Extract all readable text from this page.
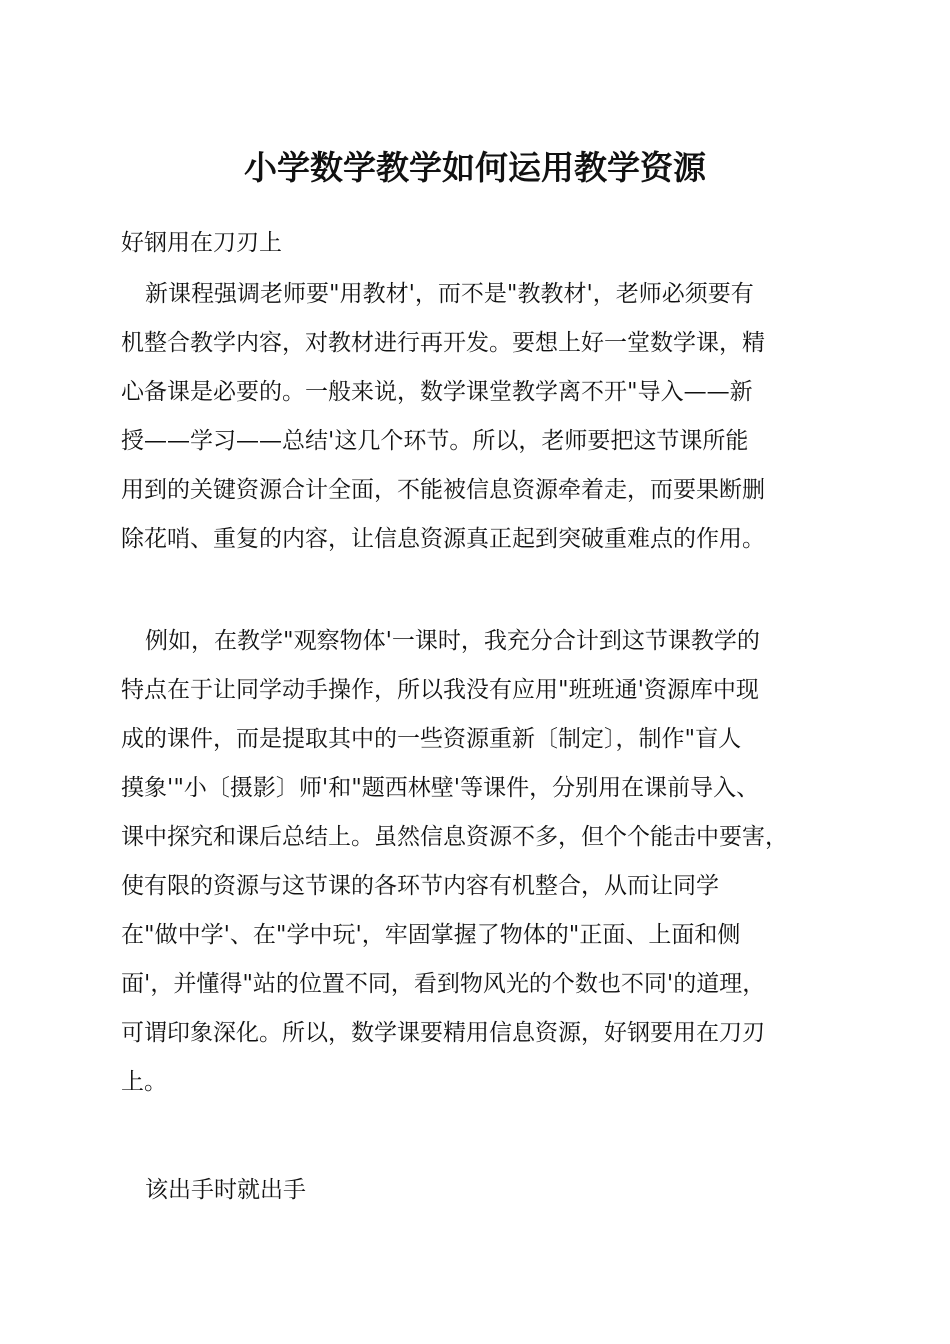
小学数学教学如何运用教学资源
好钢用在刀刃上
新课程强调老师要"用教材'，而不是"教教材'，老师必须要有
机整合教学内容，对教材进行再开发。要想上好一堂数学课，精
心备课是必要的。一般来说，数学课堂教学离不开"导入——新
授——学习——总结'这几个环节。所以，老师要把这节课所能
用到的关键资源合计全面，不能被信息资源牵着走，而要果断删
除花哨、重复的内容，让信息资源真正起到突破重难点的作用。
例如，在教学"观察物体'一课时，我充分合计到这节课教学的
特点在于让同学动手操作，所以我没有应用"班班通'资源库中现
成的课件，而是提取其中的一些资源重新〔制定〕，制作"盲人
摸象'"小〔摄影〕师'和"题西林壁'等课件，分别用在课前导入、
课中探究和课后总结上。虽然信息资源不多，但个个能击中要害，
使有限的资源与这节课的各环节内容有机整合，从而让同学
在"做中学'、在"学中玩'，牢固掌握了物体的"正面、上面和侧
面'，并懂得"站的位置不同，看到物风光的个数也不同'的道理，
可谓印象深化。所以，数学课要精用信息资源，好钢要用在刀刃
上。
该出手时就出手
